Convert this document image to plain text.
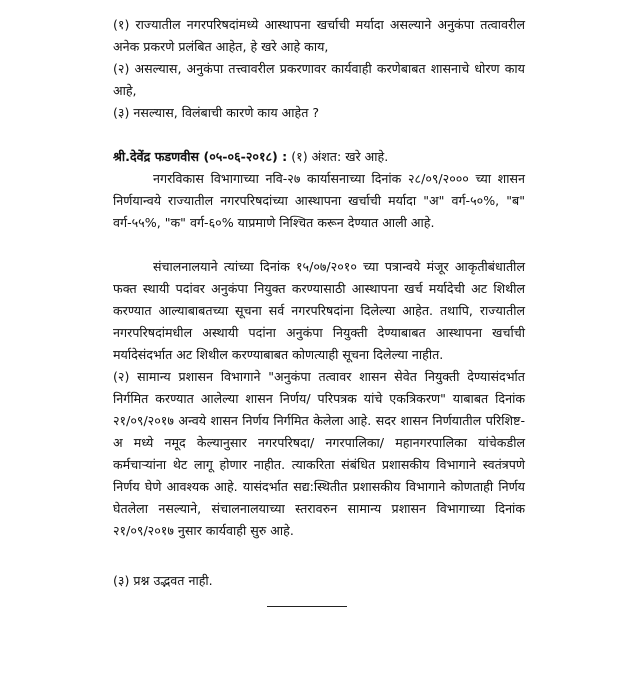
(१) राज्यातील नगरपरिषदांमध्ये आस्थापना खर्चाची मर्यादा असल्याने अनुकंपा तत्वावरील अनेक प्रकरणे प्रलंबित आहेत, हे खरे आहे काय,

(२) असल्यास, अनुकंपा तत्त्वावरील प्रकरणावर कार्यवाही करणेबाबत शासनाचे धोरण काय आहे,

(३) नसल्यास, विलंबाची कारणे काय आहेत ?

श्री.देवेंद्र फडणवीस (०५-०६-२०१८) : (१) अंशत: खरे आहे.

नगरविकास विभागाच्या नवि-२७ कार्यासनाच्या दिनांक २८/०९/२००० च्या शासन निर्णयान्वये राज्यातील नगरपरिषदांच्या आस्थापना खर्चाची मर्यादा "अ" वर्ग-५०%, "ब" वर्ग-५५%, "क" वर्ग-६०% याप्रमाणे निश्चित करून देण्यात आली आहे.

संचालनालयाने त्यांच्या दिनांक १५/०७/२०१० च्या पत्रान्वये मंजूर आकृतीबंधातील फक्त स्थायी पदांवर अनुकंपा नियुक्त करण्यासाठी आस्थापना खर्च मर्यादेची अट शिथील करण्यात आल्याबाबतच्या सूचना सर्व नगरपरिषदांना दिलेल्या आहेत. तथापि, राज्यातील नगरपरिषदांमधील अस्थायी पदांना अनुकंपा नियुक्ती देण्याबाबत आस्थापना खर्चाची मर्यादेसंदर्भात अट शिथील करण्याबाबत कोणत्याही सूचना दिलेल्या नाहीत.

(२) सामान्य प्रशासन विभागाने "अनुकंपा तत्वावर शासन सेवेत नियुक्ती देण्यासंदर्भात निर्गमित करण्यात आलेल्या शासन निर्णय/ परिपत्रक यांचे एकत्रिकरण" याबाबत दिनांक २१/०९/२०१७ अन्वये शासन निर्णय निर्गमित केलेला आहे. सदर शासन निर्णयातील परिशिष्ट-अ मध्ये नमूद केल्यानुसार नगरपरिषदा/ नगरपालिका/ महानगरपालिका यांचेकडील कर्मचाऱ्यांना थेट लागू होणार नाहीत. त्याकरिता संबंधित प्रशासकीय विभागाने स्वतंत्रपणे निर्णय घेणे आवश्यक आहे. यासंदर्भात सद्य:स्थितीत प्रशासकीय विभागाने कोणताही निर्णय घेतलेला नसल्याने, संचालनालयाच्या स्तरावरुन सामान्य प्रशासन विभागाच्या दिनांक २१/०९/२०१७ नुसार कार्यवाही सुरु आहे.

(३) प्रश्न उद्भवत नाही.
